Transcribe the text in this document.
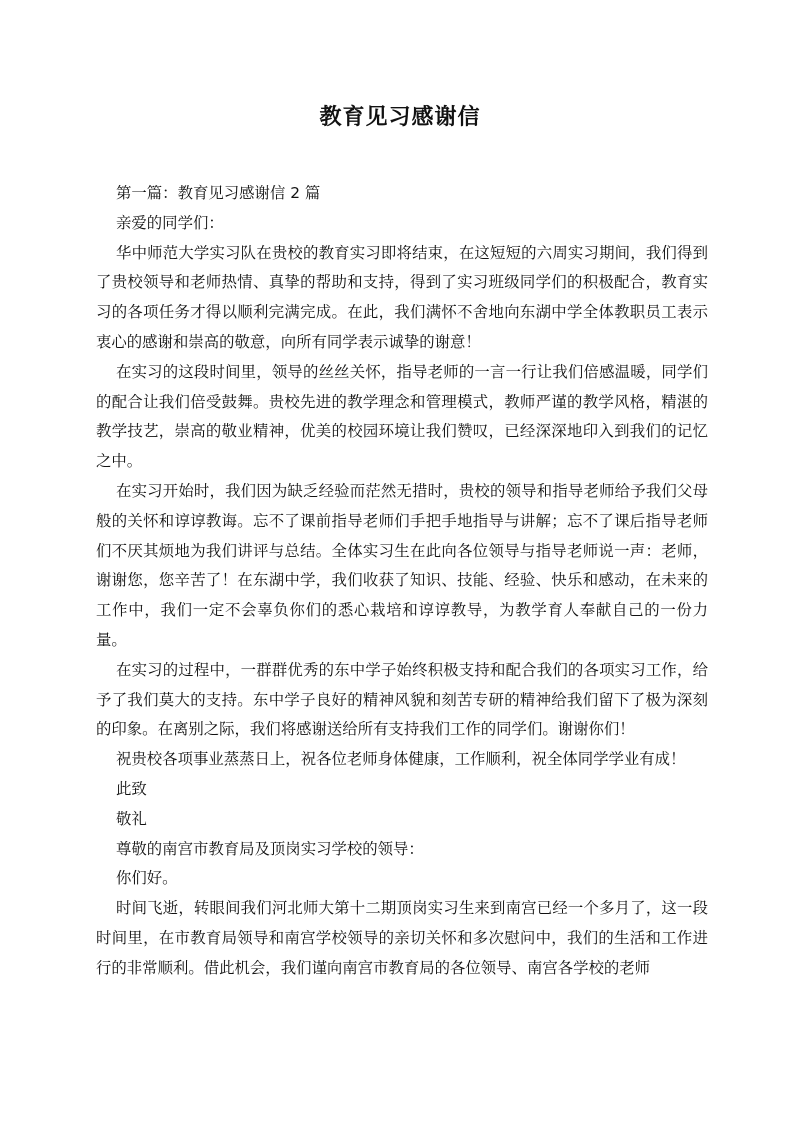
教育见习感谢信

第一篇：教育见习感谢信 2 篇

亲爱的同学们：

华中师范大学实习队在贵校的教育实习即将结束，在这短短的六周实习期间，我们得到了贵校领导和老师热情、真挚的帮助和支持，得到了实习班级同学们的积极配合，教育实习的各项任务才得以顺利完满完成。在此，我们满怀不舍地向东湖中学全体教职员工表示衷心的感谢和崇高的敬意，向所有同学表示诚挚的谢意！

在实习的这段时间里，领导的丝丝关怀，指导老师的一言一行让我们倍感温暖，同学们的配合让我们倍受鼓舞。贵校先进的教学理念和管理模式，教师严谨的教学风格，精湛的教学技艺，崇高的敬业精神，优美的校园环境让我们赞叹，已经深深地印入到我们的记忆之中。

在实习开始时，我们因为缺乏经验而茫然无措时，贵校的领导和指导老师给予我们父母般的关怀和谆谆教诲。忘不了课前指导老师们手把手地指导与讲解；忘不了课后指导老师们不厌其烦地为我们讲评与总结。全体实习生在此向各位领导与指导老师说一声：老师，谢谢您，您辛苦了！在东湖中学，我们收获了知识、技能、经验、快乐和感动，在未来的工作中，我们一定不会辜负你们的悉心栽培和谆谆教导，为教学育人奉献自己的一份力量。

在实习的过程中，一群群优秀的东中学子始终积极支持和配合我们的各项实习工作，给予了我们莫大的支持。东中学子良好的精神风貌和刻苦专研的精神给我们留下了极为深刻的印象。在离别之际，我们将感谢送给所有支持我们工作的同学们。谢谢你们！

祝贵校各项事业蒸蒸日上，祝各位老师身体健康，工作顺利，祝全体同学学业有成！

此致

敬礼

尊敬的南宫市教育局及顶岗实习学校的领导：

你们好。

时间飞逝，转眼间我们河北师大第十二期顶岗实习生来到南宫已经一个多月了，这一段时间里，在市教育局领导和南宫学校领导的亲切关怀和多次慰问中，我们的生活和工作进行的非常顺利。借此机会，我们谨向南宫市教育局的各位领导、南宫各学校的老师
